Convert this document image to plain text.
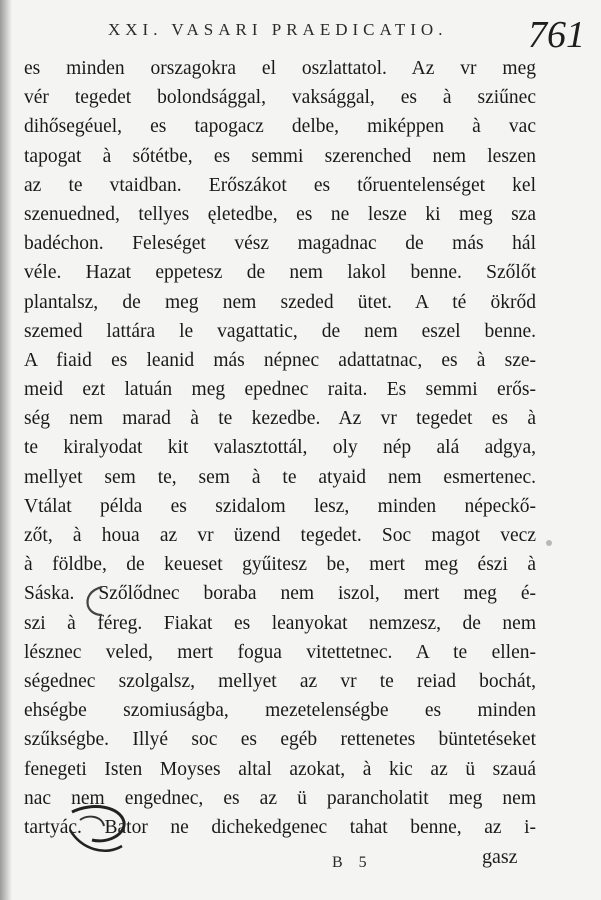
XXI. VASARI PRAEDICATIO. 761
es minden orszagokra el oszlattatol. Az vr meg
vér tegedet bolondsággal, vaksággal, es à sziűnec
dihősegéuel, es tapogacz delbe, miképpen à vac
tapogat à sőtétbe, es semmi szerenched nem leszen
az te vtaidban. Erőszákot es tőruentelenséget kel
szenuedned, tellyes ęletedbe, es ne lesze ki meg sza
badéchon. Feleséget vész magadnac de más hál
véle. Hazat eppetesz de nem lakol benne. Szőlőt
plantalsz, de meg nem szeded ütet. A té ökrőd
szemed lattára le vagattatic, de nem eszel benne.
A fiaid es leanid más népnec adattatnac, es à sze-
meid ezt latuán meg epednec raita. Es semmi erős-
ség nem marad à te kezedbe. Az vr tegedet es à
te kiralyodat kit valasztottál, oly nép alá adgya,
mellyet sem te, sem à te atyaid nem esmertenec.
Vtálat példa es szidalom lesz, minden népeckő-
zőt, à houa az vr üzend tegedet. Soc magot vecz
à földbe, de keueset gyűitesz be, mert meg észi à
Sáska. Szőlődnec boraba nem iszol, mert meg é-
szi à féreg. Fiakat es leanyokat nemzesz, de nem
lésznec veled, mert fogua vitettetnec. A te ellen-
ségednec szolgalsz, mellyet az vr te reiad bochát,
ehségbe szomiuságba, mezetelenségbe es minden
szűkségbe. Illyé soc es egéb rettenetes büntetéseket
fenegeti Isten Moyses altal azokat, à kic az ü szauá
nac nem engednec, es az ü parancholatit meg nem
tartyác. Bator ne dichekedgenec tahat benne, az i-
B 5	gasz
